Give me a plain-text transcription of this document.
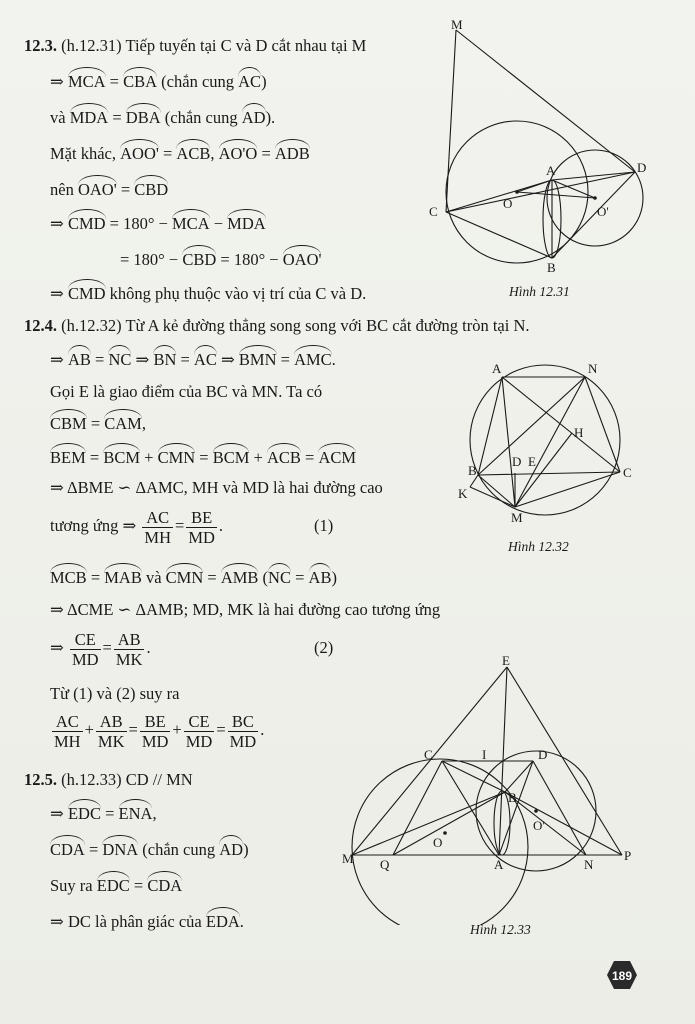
12.3. (h.12.31) Tiếp tuyến tại C và D cắt nhau tại M
⇒ MCA = CBA (chắn cung AC)
và MDA = DBA (chắn cung AD).
Mặt khác, AOO' = ACB, AO'O = ADB
nên OAO' = CBD
⇒ CMD = 180° − MCA − MDA
= 180° − CBD = 180° − OAO'
⇒ CMD không phụ thuộc vào vị trí của C và D.
12.4. (h.12.32) Từ A kẻ đường thẳng song song với BC cắt đường tròn tại N.
⇒ AB = NC ⇒ BN = AC ⇒ BMN = AMC.
Gọi E là giao điểm của BC và MN. Ta có
CBM = CAM,
BEM = BCM + CMN = BCM + ACB = ACM
⇒ ΔBME ∽ ΔAMC, MH và MD là hai đường cao
tương ứng ⇒ $\frac{AC}{MH} = \frac{BE}{MD}$ .	(1)
MCB = MAB và CMN = AMB (NC = AB)
⇒ ΔCME ∽ ΔAMB; MD, MK là hai đường cao tương ứng
⇒ $\frac{CE}{MD} = \frac{AB}{MK}$ .	(2)
Từ (1) và (2) suy ra
$\frac{AC}{MH} + \frac{AB}{MK} = \frac{BE}{MD} + \frac{CE}{MD} = \frac{BC}{MD}$ .
12.5. (h.12.33) CD // MN
⇒ EDC = ENA,
CDA = DNA (chắn cung AD)
Suy ra EDC = CDA
⇒ DC là phân giác của EDA.
M
A	D
C
O
O'
B
Hình 12.31
A	N
H
D E
C
B
K
M
Hình 12.32
E
C	I	D
B
O'
O
M Q	A	N
P
Hình 12.33
189
